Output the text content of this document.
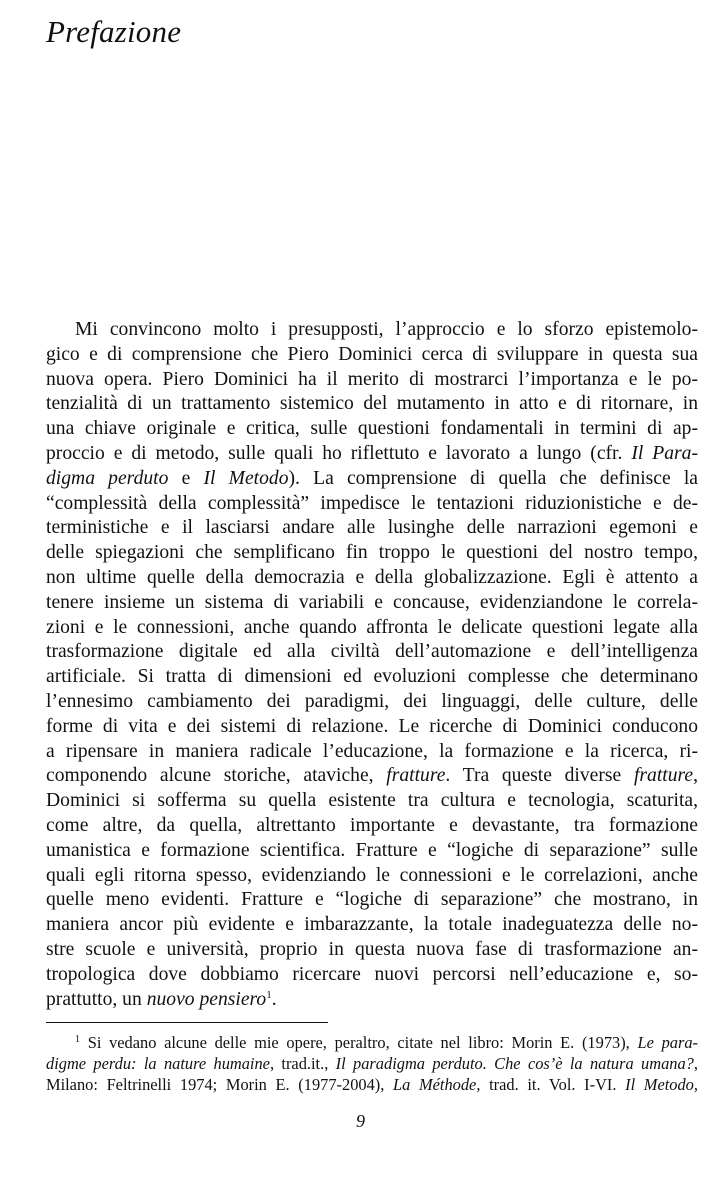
Prefazione
Mi convincono molto i presupposti, l’approccio e lo sforzo epistemolo-
gico e di comprensione che Piero Dominici cerca di sviluppare in questa sua
nuova opera. Piero Dominici ha il merito di mostrarci l’importanza e le po-
tenzialità di un trattamento sistemico del mutamento in atto e di ritornare, in
una chiave originale e critica, sulle questioni fondamentali in termini di ap-
proccio e di metodo, sulle quali ho riflettuto e lavorato a lungo (cfr. Il Para-
digma perduto e Il Metodo). La comprensione di quella che definisce la
“complessità della complessità” impedisce le tentazioni riduzionistiche e de-
terministiche e il lasciarsi andare alle lusinghe delle narrazioni egemoni e
delle spiegazioni che semplificano fin troppo le questioni del nostro tempo,
non ultime quelle della democrazia e della globalizzazione. Egli è attento a
tenere insieme un sistema di variabili e concause, evidenziandone le correla-
zioni e le connessioni, anche quando affronta le delicate questioni legate alla
trasformazione digitale ed alla civiltà dell’automazione e dell’intelligenza
artificiale. Si tratta di dimensioni ed evoluzioni complesse che determinano
l’ennesimo cambiamento dei paradigmi, dei linguaggi, delle culture, delle
forme di vita e dei sistemi di relazione. Le ricerche di Dominici conducono
a ripensare in maniera radicale l’educazione, la formazione e la ricerca, ri-
componendo alcune storiche, ataviche, fratture. Tra queste diverse fratture,
Dominici si sofferma su quella esistente tra cultura e tecnologia, scaturita,
come altre, da quella, altrettanto importante e devastante, tra formazione
umanistica e formazione scientifica. Fratture e “logiche di separazione” sulle
quali egli ritorna spesso, evidenziando le connessioni e le correlazioni, anche
quelle meno evidenti. Fratture e “logiche di separazione” che mostrano, in
maniera ancor più evidente e imbarazzante, la totale inadeguatezza delle no-
stre scuole e università, proprio in questa nuova fase di trasformazione an-
tropologica dove dobbiamo ricercare nuovi percorsi nell’educazione e, so-
prattutto, un nuovo pensiero$^1$.
$^1$ Si vedano alcune delle mie opere, peraltro, citate nel libro: Morin E. (1973), Le para-
digme perdu: la nature humaine, trad.it., Il paradigma perduto. Che cos’è la natura umana?,
Milano: Feltrinelli 1974; Morin E. (1977-2004), La Méthode, trad. it. Vol. I-VI. Il Metodo,
9
